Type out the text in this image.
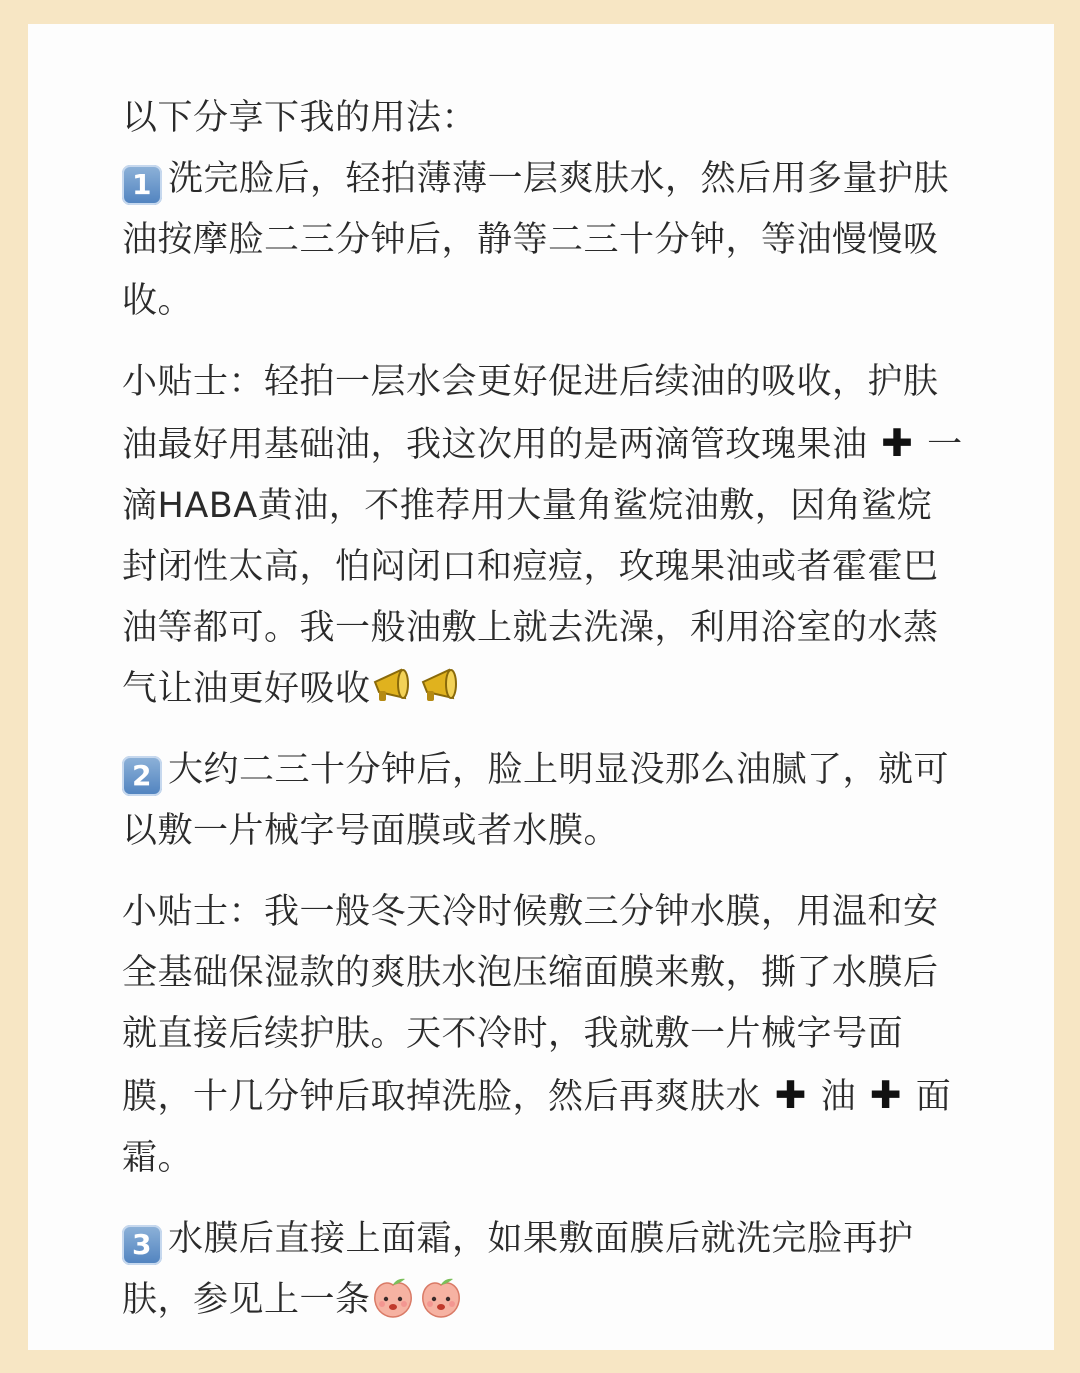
以下分享下我的用法：

1 洗完脸后，轻拍薄薄一层爽肤水，然后用多量护肤
油按摩脸二三分钟后，静等二三十分钟，等油慢慢吸
收。

小贴士：轻拍一层水会更好促进后续油的吸收，护肤
油最好用基础油，我这次用的是两滴管玫瑰果油 ✚ 一
滴HABA黄油，不推荐用大量角鲨烷油敷，因角鲨烷
封闭性太高，怕闷闭口和痘痘，玫瑰果油或者霍霍巴
油等都可。我一般油敷上就去洗澡，利用浴室的水蒸
气让油更好吸收

2 大约二三十分钟后，脸上明显没那么油腻了，就可
以敷一片械字号面膜或者水膜。

小贴士：我一般冬天冷时候敷三分钟水膜，用温和安
全基础保湿款的爽肤水泡压缩面膜来敷，撕了水膜后
就直接后续护肤。天不冷时，我就敷一片械字号面
膜，十几分钟后取掉洗脸，然后再爽肤水 ✚ 油 ✚ 面
霜。

3 水膜后直接上面霜，如果敷面膜后就洗完脸再护
肤，参见上一条
